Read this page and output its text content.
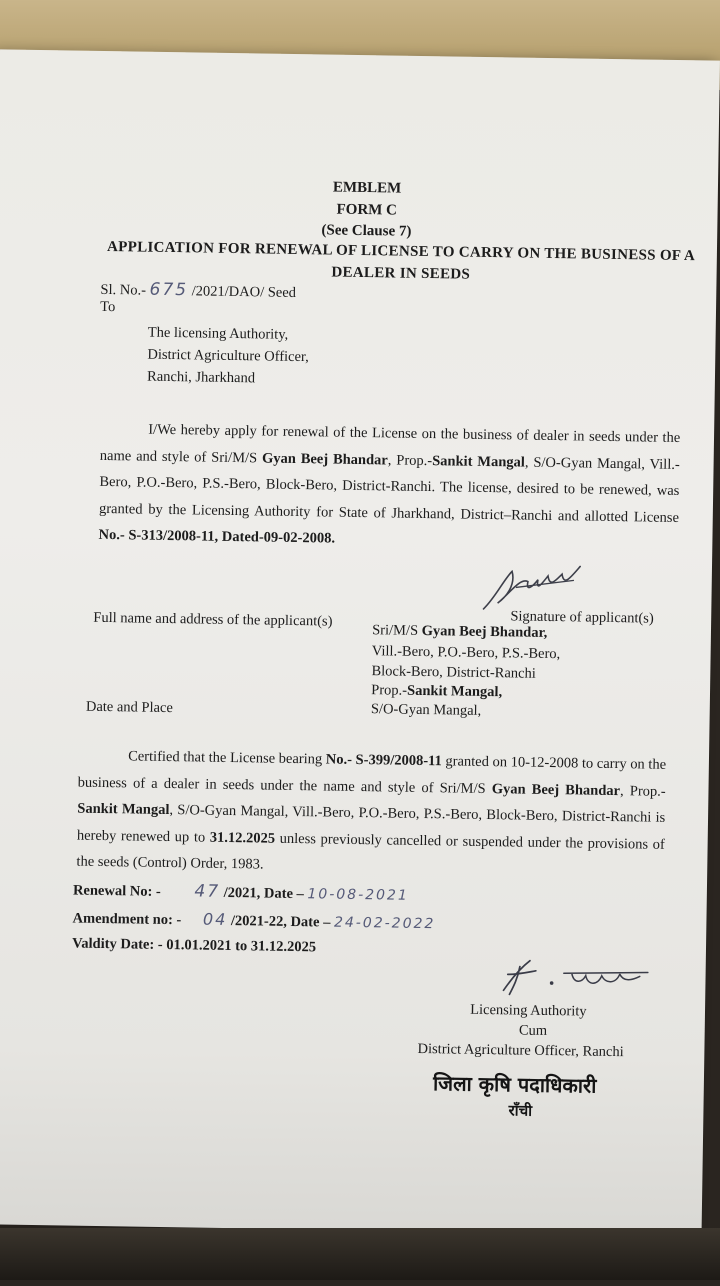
EMBLEM
FORM C
(See Clause 7)
APPLICATION FOR RENEWAL OF LICENSE TO CARRY ON THE BUSINESS OF A DEALER IN SEEDS
Sl. No.- 675 /2021/DAO/ Seed
To
The licensing Authority,
District Agriculture Officer,
Ranchi, Jharkhand
I/We hereby apply for renewal of the License on the business of dealer in seeds under the name and style of Sri/M/S Gyan Beej Bhandar, Prop.-Sankit Mangal, S/O-Gyan Mangal, Vill.-Bero, P.O.-Bero, P.S.-Bero, Block-Bero, District-Ranchi. The license, desired to be renewed, was granted by the Licensing Authority for State of Jharkhand, District–Ranchi and allotted License No.- S-313/2008-11, Dated-09-02-2008.
Signature of applicant(s)
Full name and address of the applicant(s)
Sri/M/S Gyan Beej Bhandar,
Vill.-Bero, P.O.-Bero, P.S.-Bero,
Block-Bero, District-Ranchi
Prop.-Sankit Mangal,
S/O-Gyan Mangal,
Date and Place
Certified that the License bearing No.- S-399/2008-11 granted on 10-12-2008 to carry on the business of a dealer in seeds under the name and style of Sri/M/S Gyan Beej Bhandar, Prop.-Sankit Mangal, S/O-Gyan Mangal, Vill.-Bero, P.O.-Bero, P.S.-Bero, Block-Bero, District-Ranchi is hereby renewed up to 31.12.2025 unless previously cancelled or suspended under the provisions of the seeds (Control) Order, 1983.
Renewal No: - 47 /2021, Date – 10-08-2021
Amendment no: - 04 /2021-22, Date – 24-02-2022
Valdity Date: - 01.01.2021 to 31.12.2025
Licensing Authority
Cum
District Agriculture Officer, Ranchi
जिला कृषि पदाधिकारी
राँची
